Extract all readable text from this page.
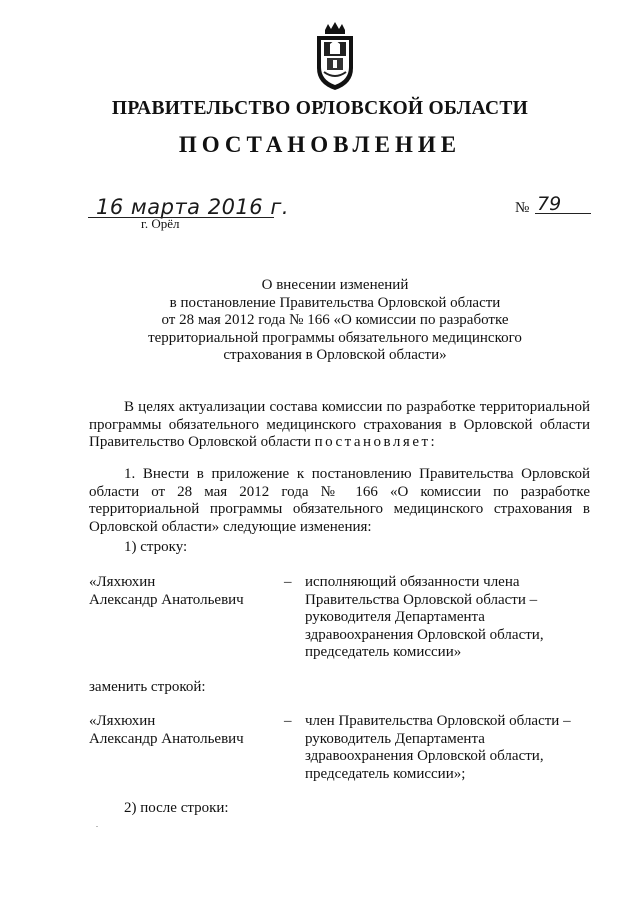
ПРАВИТЕЛЬСТВО ОРЛОВСКОЙ ОБЛАСТИ
ПОСТАНОВЛЕНИЕ
16 марта 2016 г.
г. Орёл
№ 79
О внесении изменений
в постановление Правительства Орловской области
от 28 мая 2012 года № 166 «О комиссии по разработке
территориальной программы обязательного медицинского
страхования в Орловской области»
В целях актуализации состава комиссии по разработке территориальной программы обязательного медицинского страхования в Орловской области Правительство Орловской области постановляет:
1. Внести в приложение к постановлению Правительства Орловской области от 28 мая 2012 года № 166 «О комиссии по разработке территориальной программы обязательного медицинского страхования в Орловской области» следующие изменения:
1) строку:
«Ляхюхин
Александр Анатольевич
– исполняющий обязанности члена
Правительства Орловской области –
руководителя Департамента
здравоохранения Орловской области,
председатель комиссии»
заменить строкой:
«Ляхюхин
Александр Анатольевич
– член Правительства Орловской области –
руководитель Департамента
здравоохранения Орловской области,
председатель комиссии»;
2) после строки:
